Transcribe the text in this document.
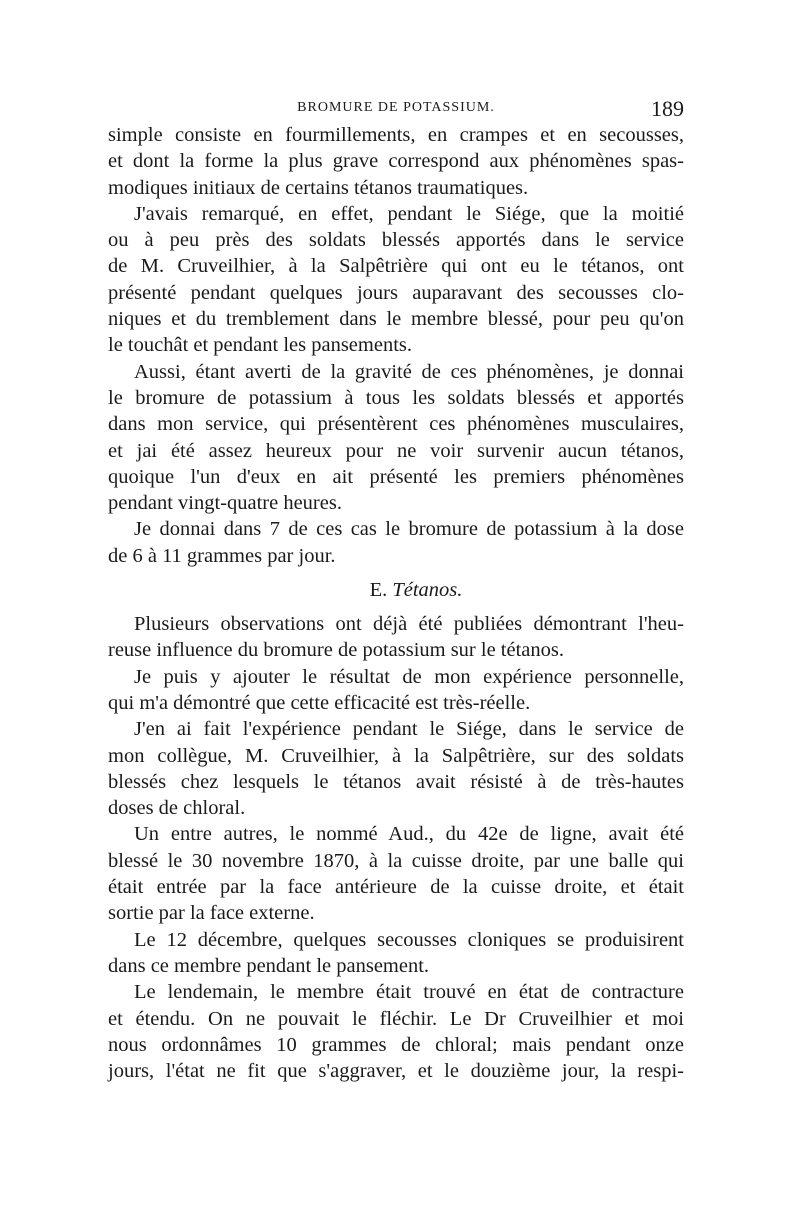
BROMURE DE POTASSIUM.	189
simple consiste en fourmillements, en crampes et en secousses,
et dont la forme la plus grave correspond aux phénomènes spas-
modiques initiaux de certains tétanos traumatiques.
J'avais remarqué, en effet, pendant le Siége, que la moitié
ou à peu près des soldats blessés apportés dans le service
de M. Cruveilhier, à la Salpêtrière qui ont eu le tétanos, ont
présenté pendant quelques jours auparavant des secousses clo-
niques et du tremblement dans le membre blessé, pour peu qu'on
le touchât et pendant les pansements.
Aussi, étant averti de la gravité de ces phénomènes, je donnai
le bromure de potassium à tous les soldats blessés et apportés
dans mon service, qui présentèrent ces phénomènes musculaires,
et jai été assez heureux pour ne voir survenir aucun tétanos,
quoique l'un d'eux en ait présenté les premiers phénomènes
pendant vingt-quatre heures.
Je donnai dans 7 de ces cas le bromure de potassium à la dose
de 6 à 11 grammes par jour.
E. Tétanos.
Plusieurs observations ont déjà été publiées démontrant l'heu-
reuse influence du bromure de potassium sur le tétanos.
Je puis y ajouter le résultat de mon expérience personnelle,
qui m'a démontré que cette efficacité est très-réelle.
J'en ai fait l'expérience pendant le Siége, dans le service de
mon collègue, M. Cruveilhier, à la Salpêtrière, sur des soldats
blessés chez lesquels le tétanos avait résisté à de très-hautes
doses de chloral.
Un entre autres, le nommé Aud., du 42e de ligne, avait été
blessé le 30 novembre 1870, à la cuisse droite, par une balle qui
était entrée par la face antérieure de la cuisse droite, et était
sortie par la face externe.
Le 12 décembre, quelques secousses cloniques se produisirent
dans ce membre pendant le pansement.
Le lendemain, le membre était trouvé en état de contracture
et étendu. On ne pouvait le fléchir. Le Dr Cruveilhier et moi
nous ordonnâmes 10 grammes de chloral; mais pendant onze
jours, l'état ne fit que s'aggraver, et le douzième jour, la respi-
